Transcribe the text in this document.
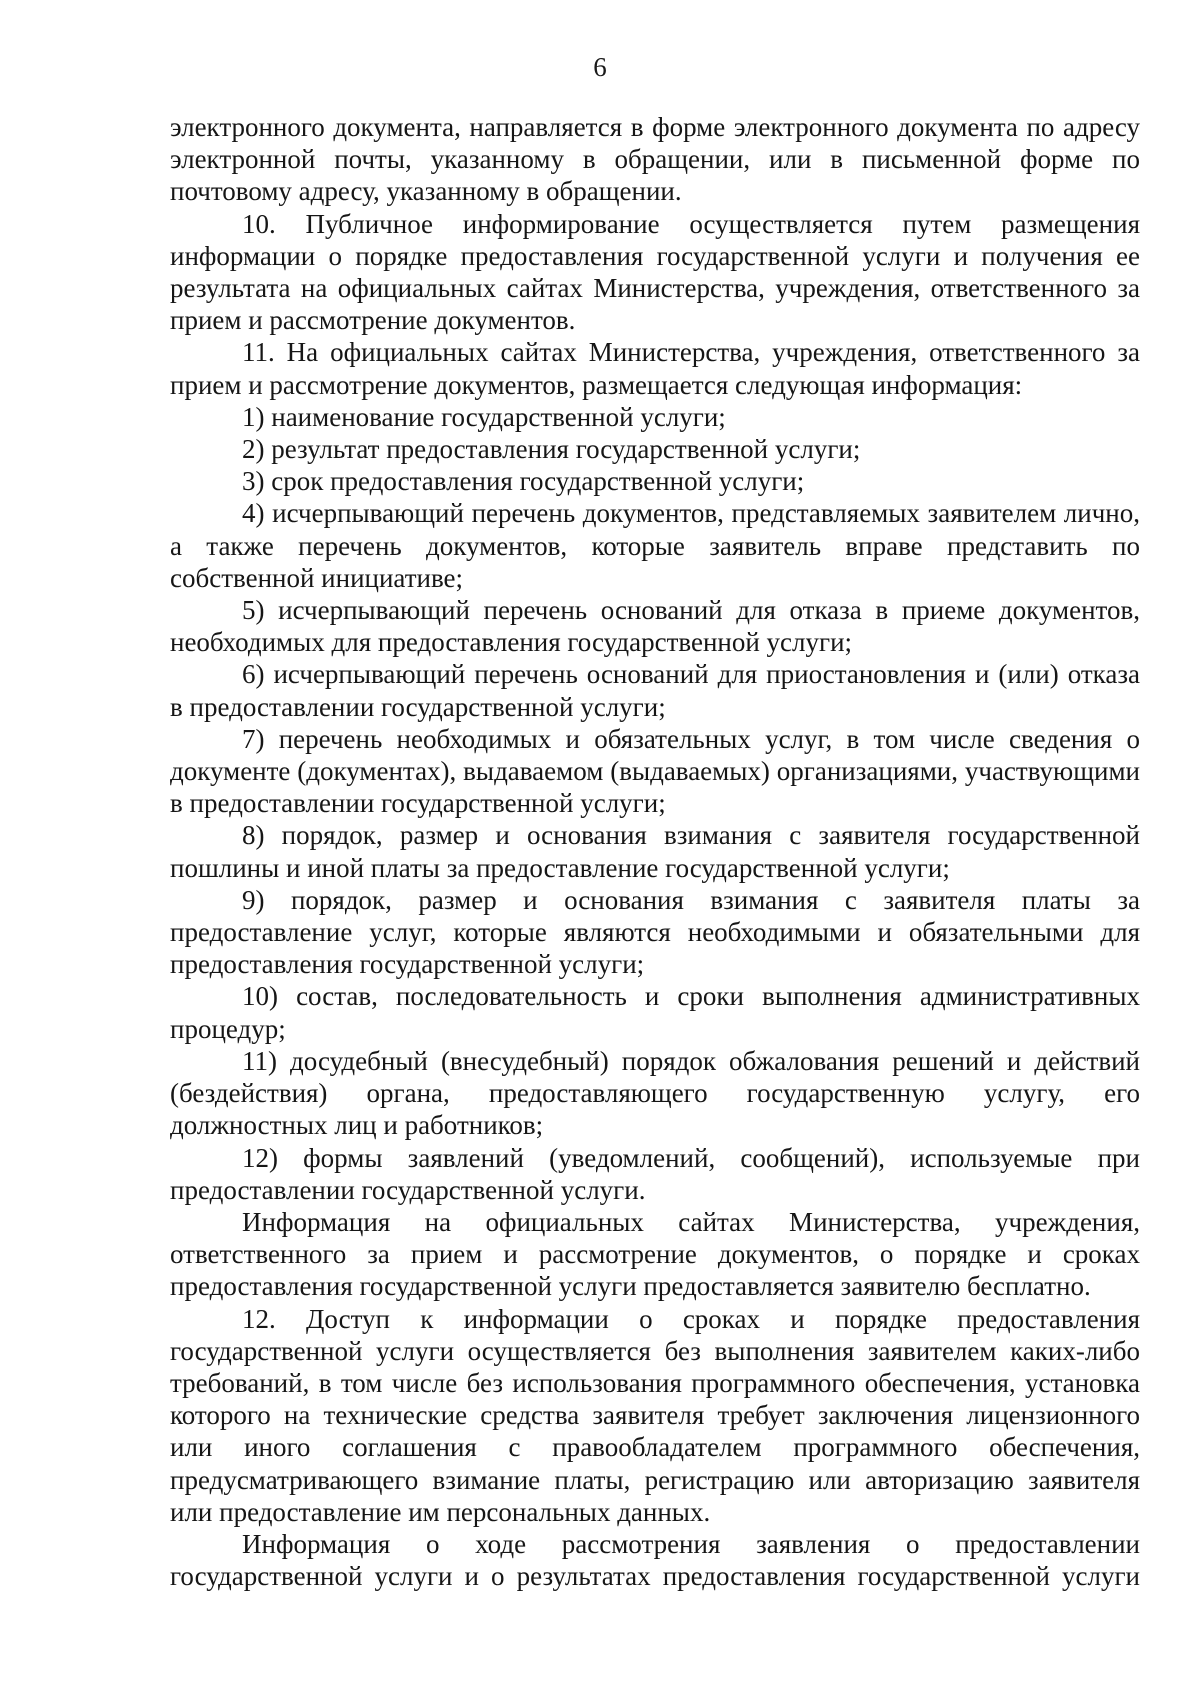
6

электронного документа, направляется в форме электронного документа по адресу электронной почты, указанному в обращении, или в письменной форме по почтовому адресу, указанному в обращении.

10. Публичное информирование осуществляется путем размещения информации о порядке предоставления государственной услуги и получения ее результата на официальных сайтах Министерства, учреждения, ответственного за прием и рассмотрение документов.

11. На официальных сайтах Министерства, учреждения, ответственного за прием и рассмотрение документов, размещается следующая информация:

1) наименование государственной услуги;

2) результат предоставления государственной услуги;

3) срок предоставления государственной услуги;

4) исчерпывающий перечень документов, представляемых заявителем лично, а также перечень документов, которые заявитель вправе представить по собственной инициативе;

5) исчерпывающий перечень оснований для отказа в приеме документов, необходимых для предоставления государственной услуги;

6) исчерпывающий перечень оснований для приостановления и (или) отказа в предоставлении государственной услуги;

7) перечень необходимых и обязательных услуг, в том числе сведения о документе (документах), выдаваемом (выдаваемых) организациями, участвующими в предоставлении государственной услуги;

8) порядок, размер и основания взимания с заявителя государственной пошлины и иной платы за предоставление государственной услуги;

9) порядок, размер и основания взимания с заявителя платы за предоставление услуг, которые являются необходимыми и обязательными для предоставления государственной услуги;

10) состав, последовательность и сроки выполнения административных процедур;

11) досудебный (внесудебный) порядок обжалования решений и действий (бездействия) органа, предоставляющего государственную услугу, его должностных лиц и работников;

12) формы заявлений (уведомлений, сообщений), используемые при предоставлении государственной услуги.

Информация на официальных сайтах Министерства, учреждения, ответственного за прием и рассмотрение документов, о порядке и сроках предоставления государственной услуги предоставляется заявителю бесплатно.

12. Доступ к информации о сроках и порядке предоставления государственной услуги осуществляется без выполнения заявителем каких-либо требований, в том числе без использования программного обеспечения, установка которого на технические средства заявителя требует заключения лицензионного или иного соглашения с правообладателем программного обеспечения, предусматривающего взимание платы, регистрацию или авторизацию заявителя или предоставление им персональных данных.

Информация о ходе рассмотрения заявления о предоставлении государственной услуги и о результатах предоставления государственной услуги
